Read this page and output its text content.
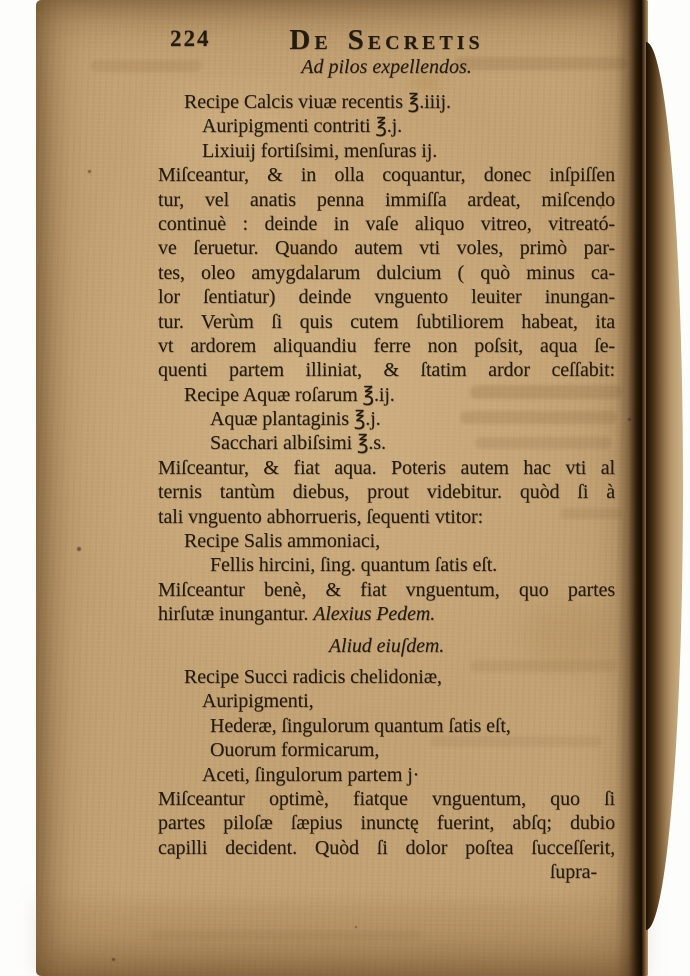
224	De Secretis
Ad pilos expellendos.
Recipe Calcis viuæ recentis ℥.iiij.
Auripigmenti contriti ℥.j.
Lixiuij fortiſsimi, menſuras ij.
Miſceantur, & in olla coquantur, donec inſpiſſen
tur, vel anatis penna immiſſa ardeat, miſcendo
continuè : deinde in vaſe aliquo vitreo, vitreató-
ve ſeruetur. Quando autem vti voles, primò par-
tes, oleo amygdalarum dulcium ( quò minus ca-
lor ſentiatur) deinde vnguento leuiter inungan-
tur. Verùm ſi quis cutem ſubtiliorem habeat, ita
vt ardorem aliquandiu ferre non poſsit, aqua ſe-
quenti partem illiniat, & ſtatim ardor ceſſabit:
Recipe Aquæ roſarum ℥.ij.
Aquæ plantaginis ℥.j.
Sacchari albiſsimi ℥.s.
Miſceantur, & fiat aqua. Poteris autem hac vti al
ternis tantùm diebus, prout videbitur. quòd ſi à
tali vnguento abhorrueris, ſequenti vtitor:
Recipe Salis ammoniaci,
Fellis hircini, ſing. quantum ſatis eſt.
Miſceantur benè, & fiat vnguentum, quo partes
hirſutæ inungantur. Alexius Pedem.
Aliud eiuſdem.
Recipe Succi radicis chelidoniæ,
Auripigmenti,
Hederæ, ſingulorum quantum ſatis eſt,
Ouorum formicarum,
Aceti, ſingulorum partem j·
Miſceantur optimè, fiatque vnguentum, quo ſi
partes piloſæ ſæpius inunctę fuerint, abſq; dubio
capilli decident. Quòd ſi dolor poſtea ſucceſſerit,
ſupra-
